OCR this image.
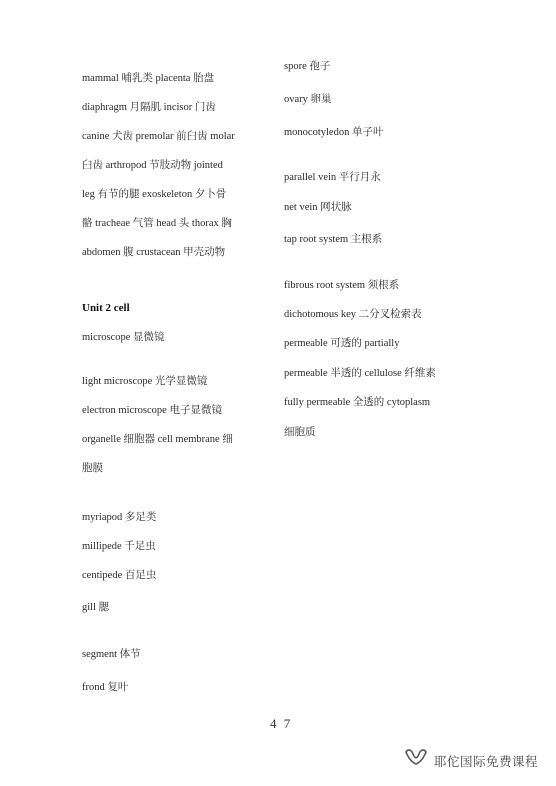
mammal 哺乳类 placenta 胎盘
diaphragm 月隔肌 incisor 门齿
canine 犬齿 premolar 前臼齿 molar
臼齿 arthropod 节肢动物 jointed
leg 有节的腿 exoskeleton 夕卜骨
骼 tracheae 气管 head 头 thorax 胸
abdomen 腹 crustacean 甲壳动物
Unit 2 cell
microscope 显微镜
light microscope 光学显微镜
electron microscope 电子显微镜
organelle 细胞器 cell membrane 细
胞膜
myriapod 多足类
millipede 千足虫
centipede 百足虫
gill 腮
segment 体节
frond 复叶
spore 孢子
ovary 卵巢
monocotyledon 单子叶
parallel vein 平行月永
net vein 网状脉
tap root system 主根系
fibrous root system 须根系
dichotomous key 二分叉检索表
permeable 可透的 partially
permeable 半透的 cellulose 纤维素
fully permeable 全透的 cytoplasm
细胞质
4 7
耶佗国际免费课程
